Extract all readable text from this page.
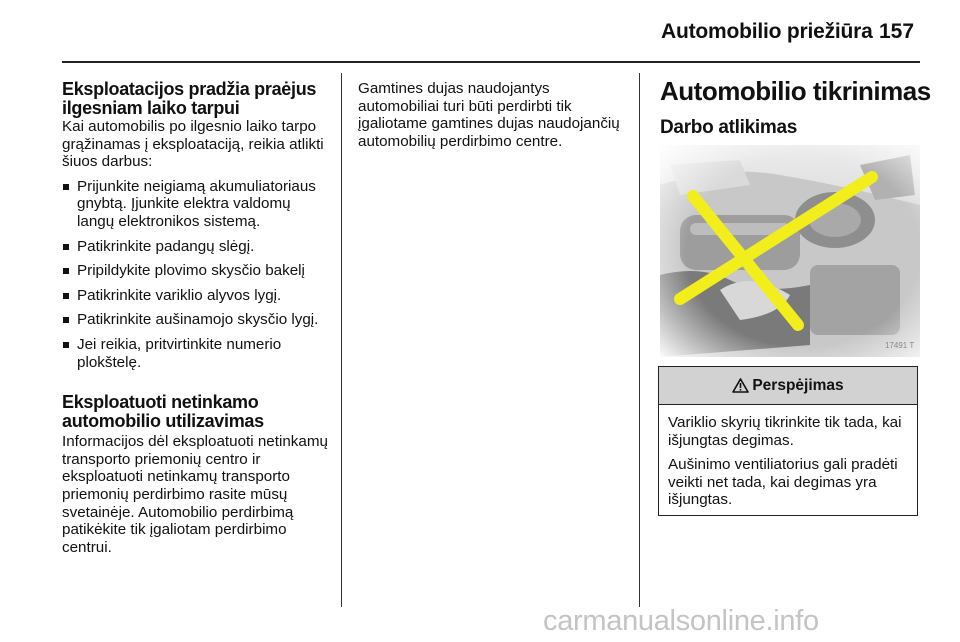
Automobilio priežiūra 157
Eksploatacijos pradžia praėjus ilgesniam laiko tarpui

Kai automobilis po ilgesnio laiko tarpo grąžinamas į eksploataciją, reikia atlikti šiuos darbus:

Prijunkite neigiamą akumuliatoriaus gnybtą. Įjunkite elektra valdomų langų elektronikos sistemą.
Patikrinkite padangų slėgį.
Pripildykite plovimo skysčio bakelį
Patikrinkite variklio alyvos lygį.
Patikrinkite aušinamojo skysčio lygį.
Jei reikia, pritvirtinkite numerio plokštelę.
Eksploatuoti netinkamo automobilio utilizavimas

Informacijos dėl eksploatuoti netinkamų transporto priemonių centro ir eksploatuoti netinkamų transporto priemonių perdirbimo rasite mūsų svetainėje. Automobilio perdirbimą patikėkite tik įgaliotam perdirbimo centrui.

Gamtines dujas naudojantys automobiliai turi būti perdirbti tik įgaliotame gamtines dujas naudojančių automobilių perdirbimo centre.

Automobilio tikrinimas
Darbo atlikimas
17491 T
Perspėjimas

Variklio skyrių tikrinkite tik tada, kai išjungtas degimas.

Aušinimo ventiliatorius gali pradėti veikti net tada, kai degimas yra išjungtas.

carmanualsonline.info
